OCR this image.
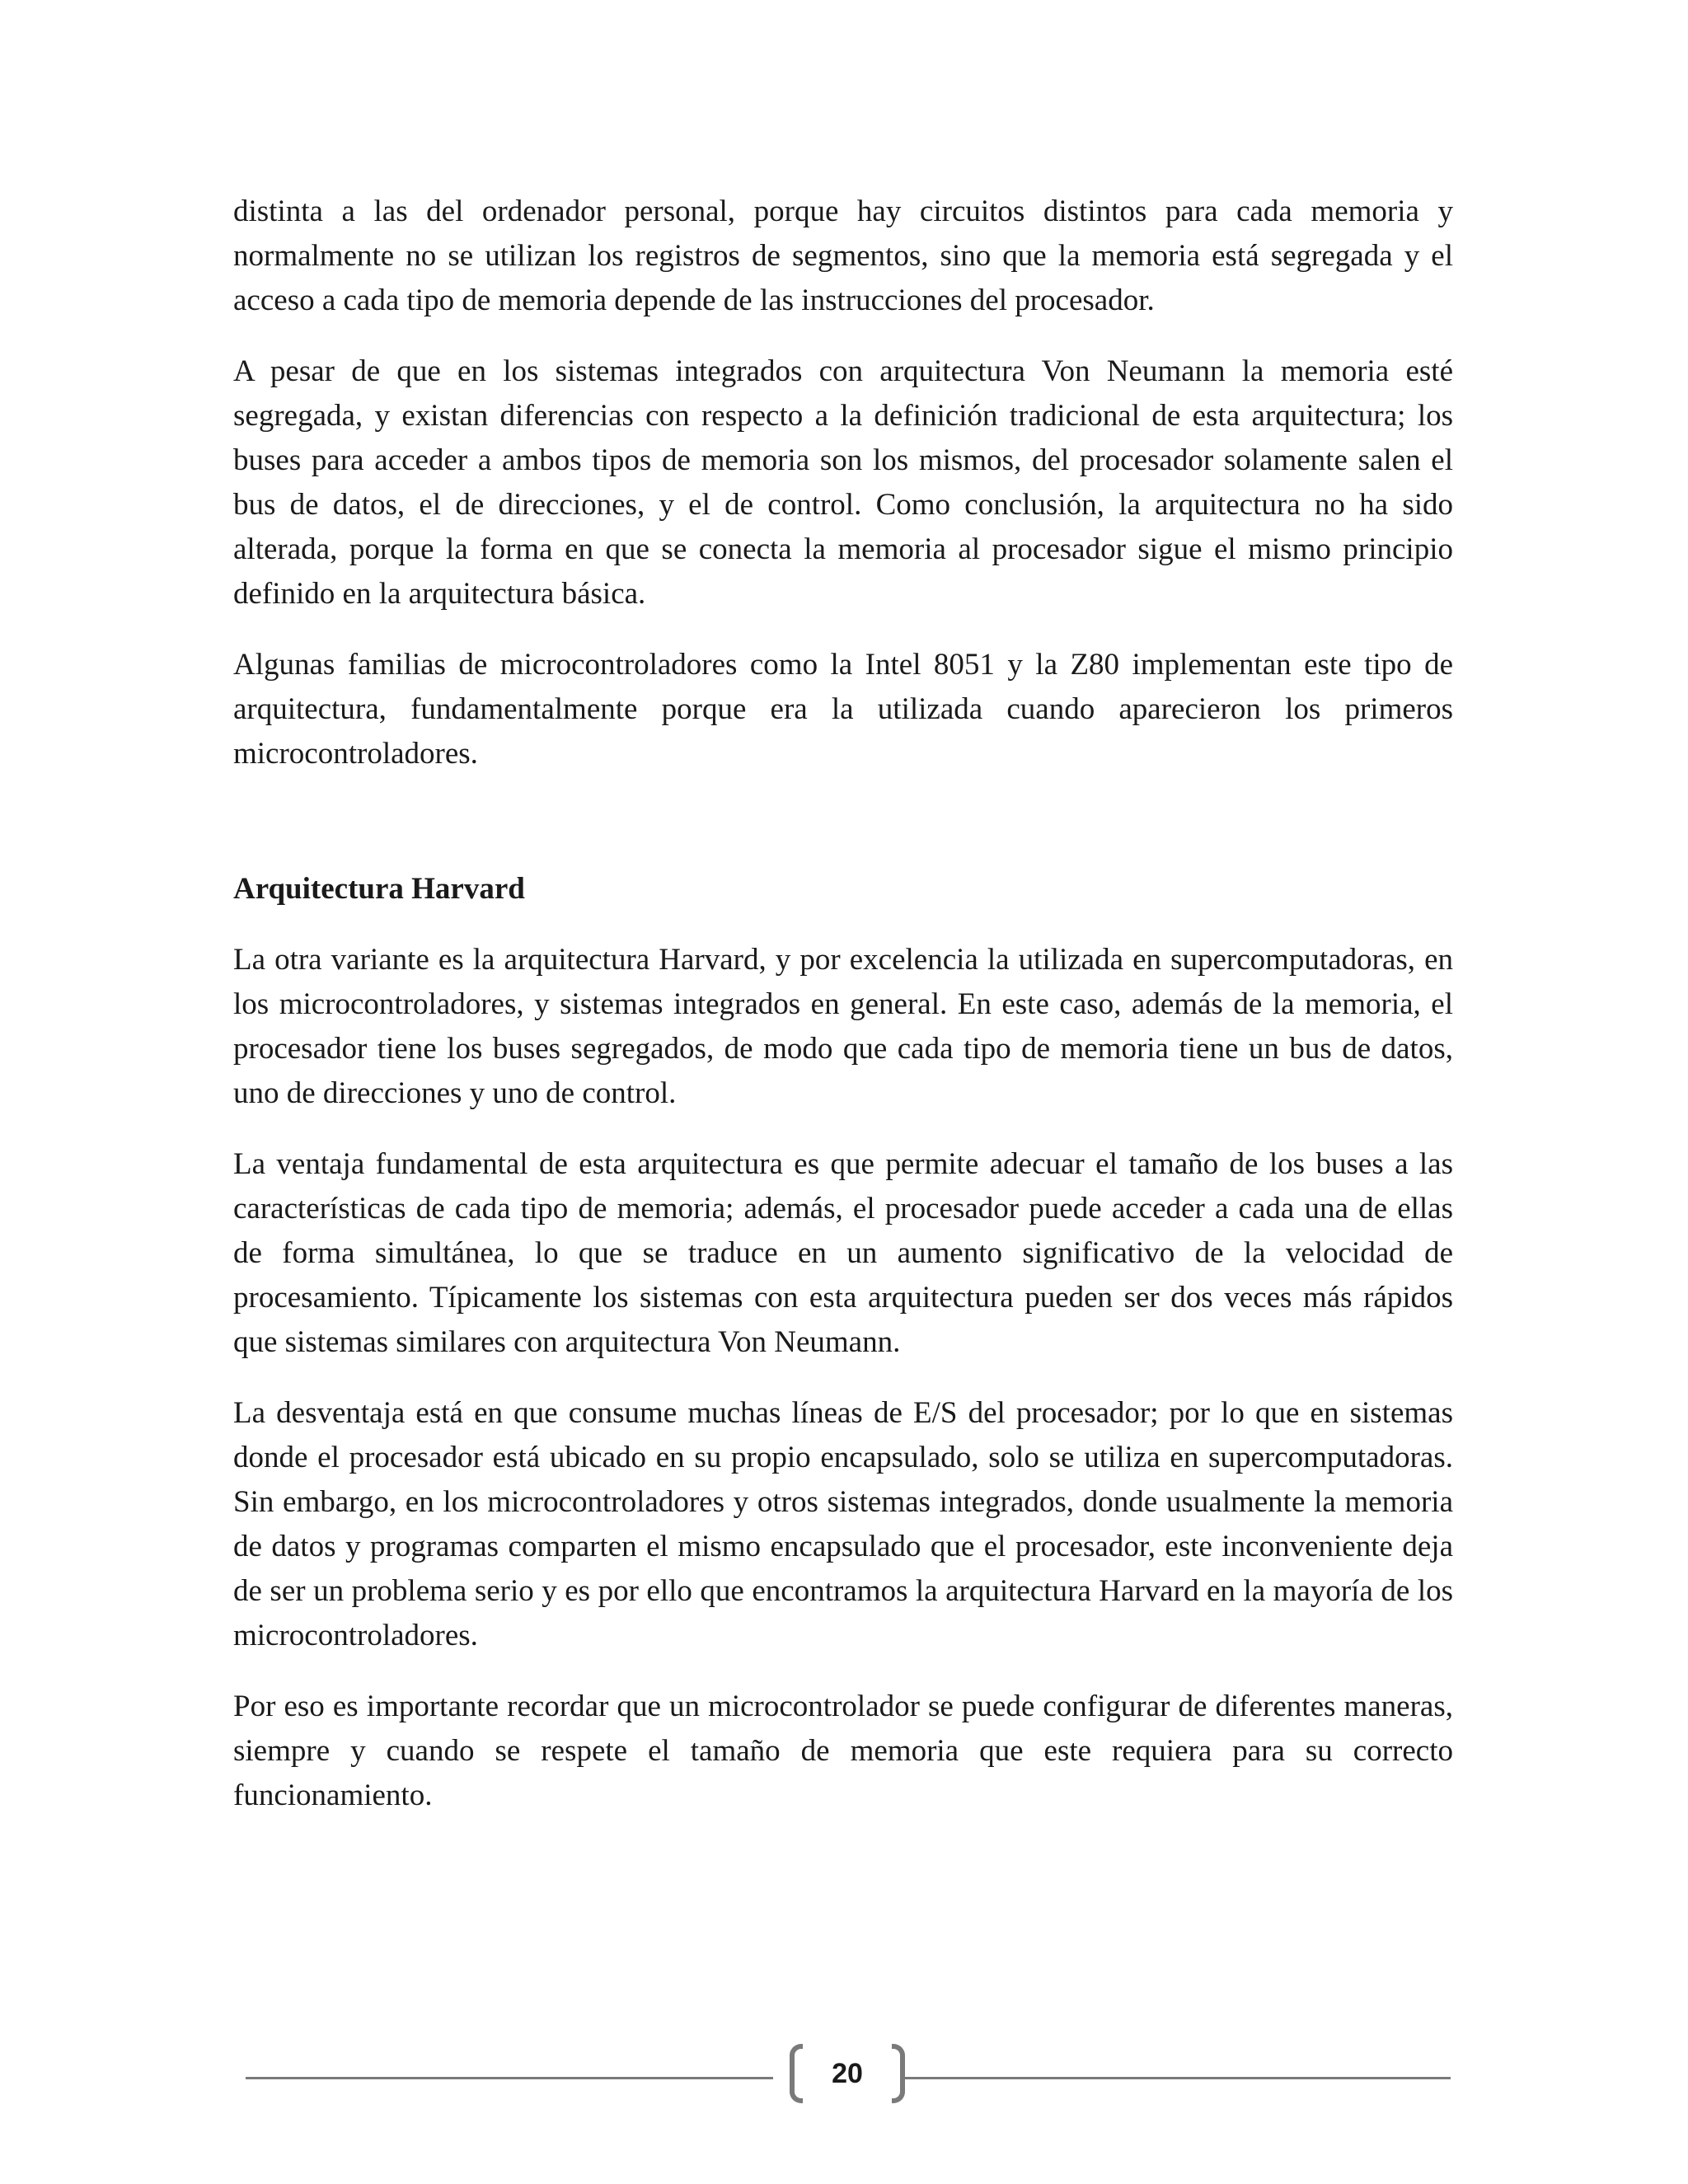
distinta a las del ordenador personal, porque hay circuitos distintos para cada memoria y normalmente no se utilizan los registros de segmentos, sino que la memoria está segregada y el acceso a cada tipo de memoria depende de las instrucciones del procesador.

A pesar de que en los sistemas integrados con arquitectura Von Neumann la memoria esté segregada, y existan diferencias con respecto a la definición tradicional de esta arquitectura; los buses para acceder a ambos tipos de memoria son los mismos, del procesador solamente salen el bus de datos, el de direcciones, y el de control. Como conclusión, la arquitectura no ha sido alterada, porque la forma en que se conecta la memoria al procesador sigue el mismo principio definido en la arquitectura básica.

Algunas familias de microcontroladores como la Intel 8051 y la Z80 implementan este tipo de arquitectura, fundamentalmente porque era la utilizada cuando aparecieron los primeros microcontroladores.

Arquitectura Harvard

La otra variante es la arquitectura Harvard, y por excelencia la utilizada en supercomputadoras, en los microcontroladores, y sistemas integrados en general. En este caso, además de la memoria, el procesador tiene los buses segregados, de modo que cada tipo de memoria tiene un bus de datos, uno de direcciones y uno de control.

La ventaja fundamental de esta arquitectura es que permite adecuar el tamaño de los buses a las características de cada tipo de memoria; además, el procesador puede acceder a cada una de ellas de forma simultánea, lo que se traduce en un aumento significativo de la velocidad de procesamiento. Típicamente los sistemas con esta arquitectura pueden ser dos veces más rápidos que sistemas similares con arquitectura Von Neumann.

La desventaja está en que consume muchas líneas de E/S del procesador; por lo que en sistemas donde el procesador está ubicado en su propio encapsulado, solo se utiliza en supercomputadoras. Sin embargo, en los microcontroladores y otros sistemas integrados, donde usualmente la memoria de datos y programas comparten el mismo encapsulado que el procesador, este inconveniente deja de ser un problema serio y es por ello que encontramos la arquitectura Harvard en la mayoría de los microcontroladores.

Por eso es importante recordar que un microcontrolador se puede configurar de diferentes maneras, siempre y cuando se respete el tamaño de memoria que este requiera para su correcto funcionamiento.

20
